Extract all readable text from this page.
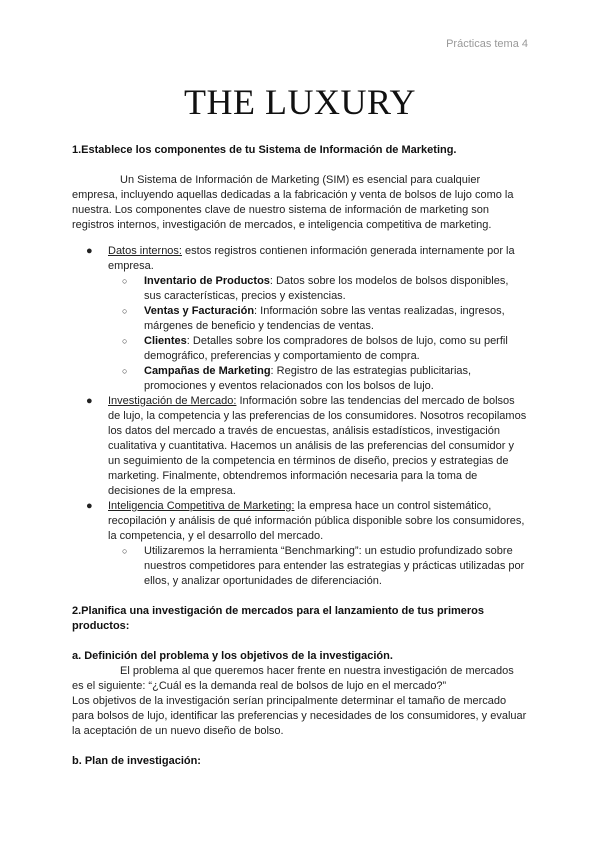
Prácticas tema 4
THE LUXURY

1.Establece los componentes de tu Sistema de Información de Marketing.

Un Sistema de Información de Marketing (SIM) es esencial para cualquier empresa, incluyendo aquellas dedicadas a la fabricación y venta de bolsos de lujo como la nuestra. Los componentes clave de nuestro sistema de información de marketing son registros internos, investigación de mercados, e inteligencia competitiva de marketing.

● Datos internos: estos registros contienen información generada internamente por la empresa.
○ Inventario de Productos: Datos sobre los modelos de bolsos disponibles, sus características, precios y existencias.
○ Ventas y Facturación: Información sobre las ventas realizadas, ingresos, márgenes de beneficio y tendencias de ventas.
○ Clientes: Detalles sobre los compradores de bolsos de lujo, como su perfil demográfico, preferencias y comportamiento de compra.
○ Campañas de Marketing: Registro de las estrategias publicitarias, promociones y eventos relacionados con los bolsos de lujo.
● Investigación de Mercado: Información sobre las tendencias del mercado de bolsos de lujo, la competencia y las preferencias de los consumidores. Nosotros recopilamos los datos del mercado a través de encuestas, análisis estadísticos, investigación cualitativa y cuantitativa. Hacemos un análisis de las preferencias del consumidor y un seguimiento de la competencia en términos de diseño, precios y estrategias de marketing. Finalmente, obtendremos información necesaria para la toma de decisiones de la empresa.
● Inteligencia Competitiva de Marketing: la empresa hace un control sistemático, recopilación y análisis de qué información pública disponible sobre los consumidores, la competencia, y el desarrollo del mercado.
○ Utilizaremos la herramienta “Benchmarking”: un estudio profundizado sobre nuestros competidores para entender las estrategias y prácticas utilizadas por ellos, y analizar oportunidades de diferenciación.

2.Planifica una investigación de mercados para el lanzamiento de tus primeros productos:

a. Definición del problema y los objetivos de la investigación.

El problema al que queremos hacer frente en nuestra investigación de mercados es el siguiente: “¿Cuál es la demanda real de bolsos de lujo en el mercado?”

Los objetivos de la investigación serían principalmente determinar el tamaño de mercado para bolsos de lujo, identificar las preferencias y necesidades de los consumidores, y evaluar la aceptación de un nuevo diseño de bolso.

b. Plan de investigación:
